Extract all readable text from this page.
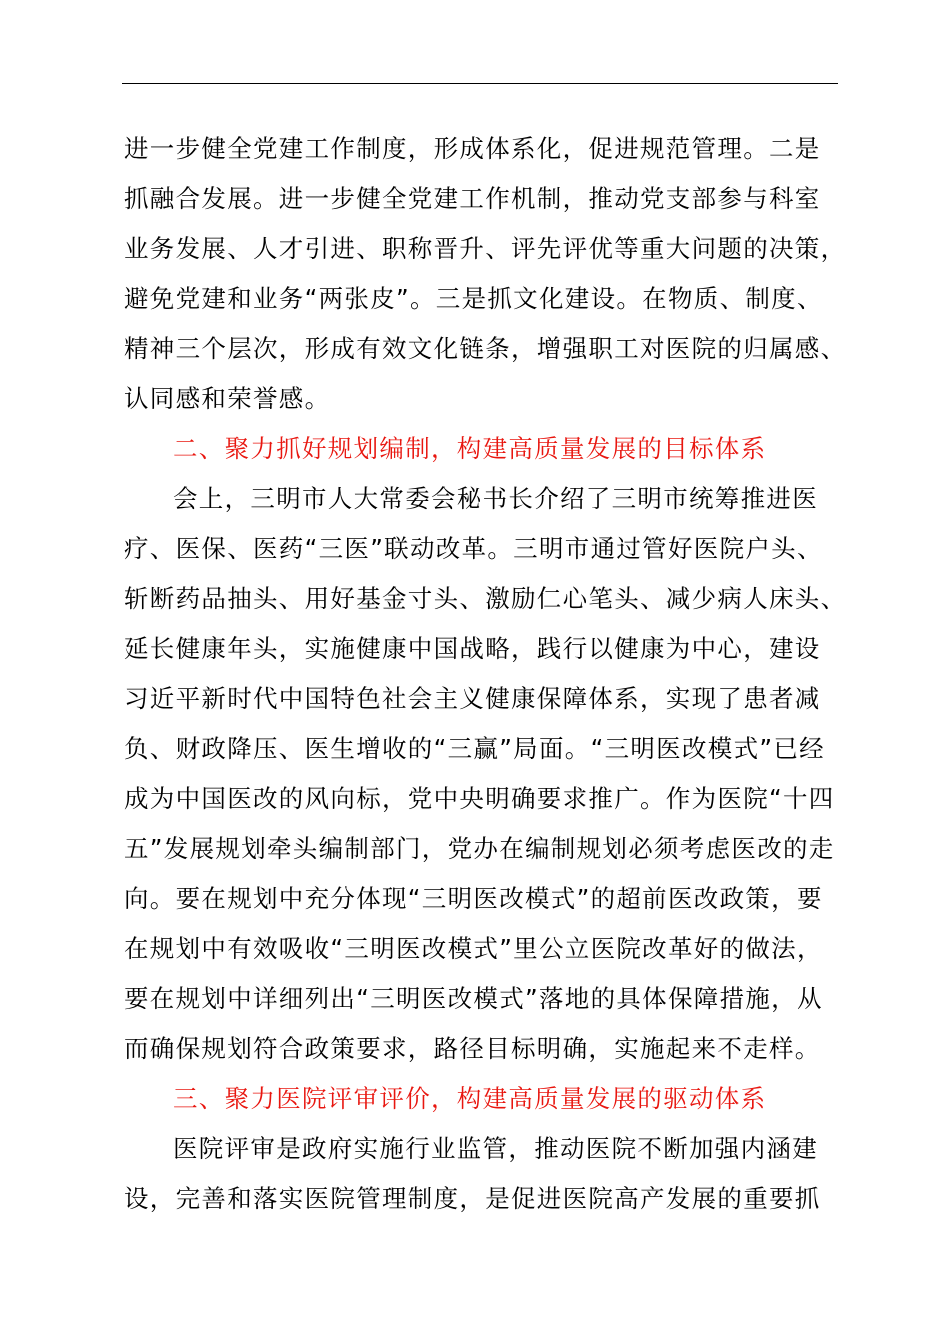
进一步健全党建工作制度，形成体系化，促进规范管理。二是
抓融合发展。进一步健全党建工作机制，推动党支部参与科室
业务发展、人才引进、职称晋升、评先评优等重大问题的决策，
避免党建和业务“两张皮”。三是抓文化建设。在物质、制度、
精神三个层次，形成有效文化链条，增强职工对医院的归属感、
认同感和荣誉感。
二、聚力抓好规划编制，构建高质量发展的目标体系
会上，三明市人大常委会秘书长介绍了三明市统筹推进医
疗、医保、医药“三医”联动改革。三明市通过管好医院户头、
斩断药品抽头、用好基金寸头、激励仁心笔头、减少病人床头、
延长健康年头，实施健康中国战略，践行以健康为中心，建设
习近平新时代中国特色社会主义健康保障体系，实现了患者减
负、财政降压、医生增收的“三赢”局面。“三明医改模式”已经
成为中国医改的风向标，党中央明确要求推广。作为医院“十四
五”发展规划牵头编制部门，党办在编制规划必须考虑医改的走
向。要在规划中充分体现“三明医改模式”的超前医改政策，要
在规划中有效吸收“三明医改模式”里公立医院改革好的做法，
要在规划中详细列出“三明医改模式”落地的具体保障措施，从
而确保规划符合政策要求，路径目标明确，实施起来不走样。
三、聚力医院评审评价，构建高质量发展的驱动体系
医院评审是政府实施行业监管，推动医院不断加强内涵建
设，完善和落实医院管理制度，是促进医院高产发展的重要抓
